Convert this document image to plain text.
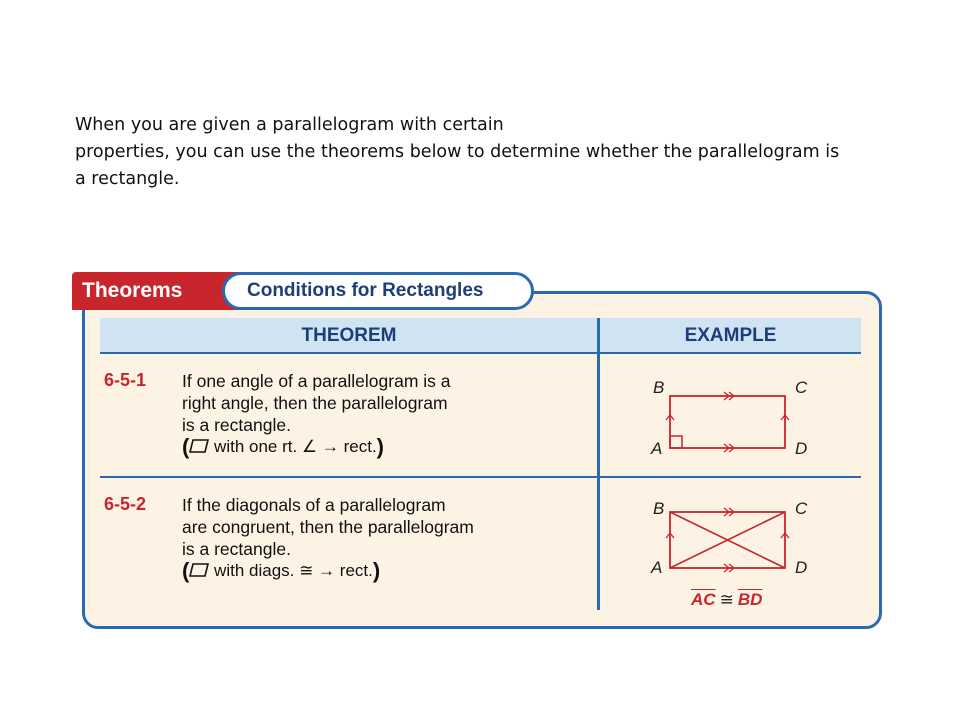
When you are given a parallelogram with certain
properties, you can use the theorems below to determine whether the parallelogram is
a rectangle.
Theorems	Conditions for Rectangles
THEOREM	EXAMPLE
6-5-1 If one angle of a parallelogram is a
right angle, then the parallelogram
is a rectangle.
( with one rt. ∠ → rect.)
B	C
A	D
6-5-2 If the diagonals of a parallelogram
are congruent, then the parallelogram
is a rectangle.
( with diags. ≅ → rect.)
B	C
A	D
$\overline{AC}$ ≅ $\overline{BD}$
